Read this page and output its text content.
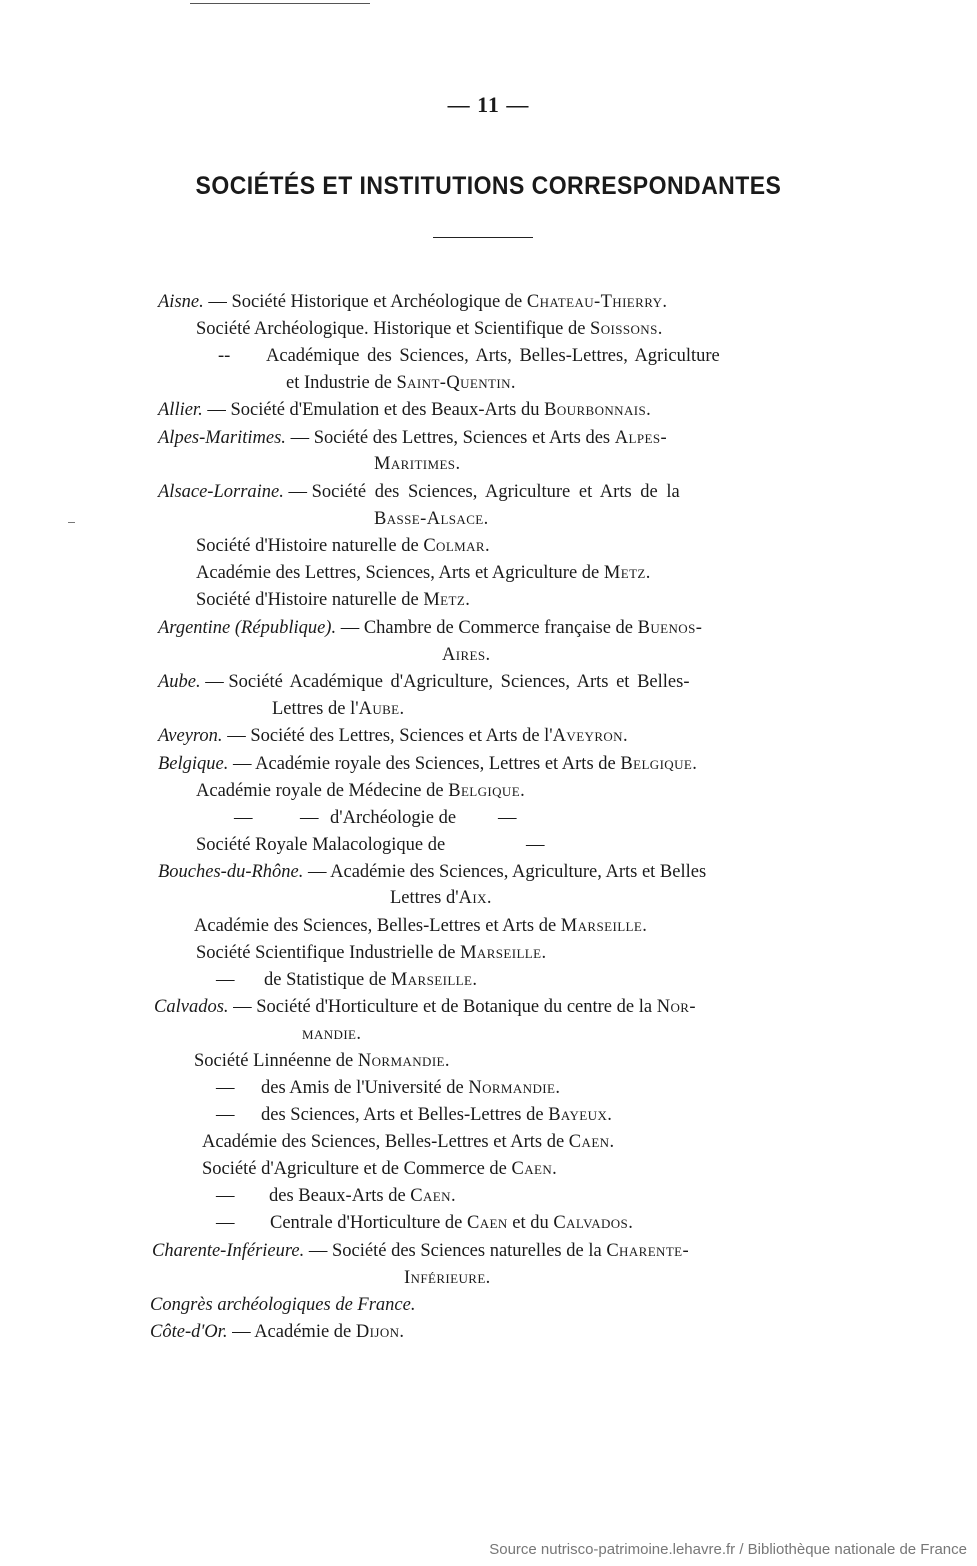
— 11 —
SOCIÉTÉS ET INSTITUTIONS CORRESPONDANTES
Aisne. — Société Historique et Archéologique de Chateau-Thierry.
Société Archéologique. Historique et Scientifique de Soissons.
-- Académique des Sciences, Arts, Belles-Lettres, Agriculture
et Industrie de Saint-Quentin.
Allier. — Société d'Emulation et des Beaux-Arts du Bourbonnais.
Alpes-Maritimes. — Société des Lettres, Sciences et Arts des Alpes-
Maritimes.
Alsace-Lorraine. — Société des Sciences, Agriculture et Arts de la
Basse-Alsace.
Société d'Histoire naturelle de Colmar.
Académie des Lettres, Sciences, Arts et Agriculture de Metz.
Société d'Histoire naturelle de Metz.
Argentine (République). — Chambre de Commerce française de Buenos-
Aires.
Aube. — Société Académique d'Agriculture, Sciences, Arts et Belles-
Lettres de l'Aube.
Aveyron. — Société des Lettres, Sciences et Arts de l'Aveyron.
Belgique. — Académie royale des Sciences, Lettres et Arts de Belgique.
Académie royale de Médecine de Belgique.
—	— d'Archéologie de —
Société Royale Malacologique de	—
Bouches-du-Rhône. — Académie des Sciences, Agriculture, Arts et Belles
Lettres d'Aix.
Académie des Sciences, Belles-Lettres et Arts de Marseille.
Société Scientifique Industrielle de Marseille.
— de Statistique de Marseille.
Calvados. — Société d'Horticulture et de Botanique du centre de la Nor-
mandie.
Société Linnéenne de Normandie.
— des Amis de l'Université de Normandie.
— des Sciences, Arts et Belles-Lettres de Bayeux.
Académie des Sciences, Belles-Lettres et Arts de Caen.
Société d'Agriculture et de Commerce de Caen.
— des Beaux-Arts de Caen.
— Centrale d'Horticulture de Caen et du Calvados.
Charente-Inférieure. — Société des Sciences naturelles de la Charente-
Inférieure.
Congrès archéologiques de France.
Côte-d'Or. — Académie de Dijon.
Source nutrisco-patrimoine.lehavre.fr / Bibliothèque nationale de France
